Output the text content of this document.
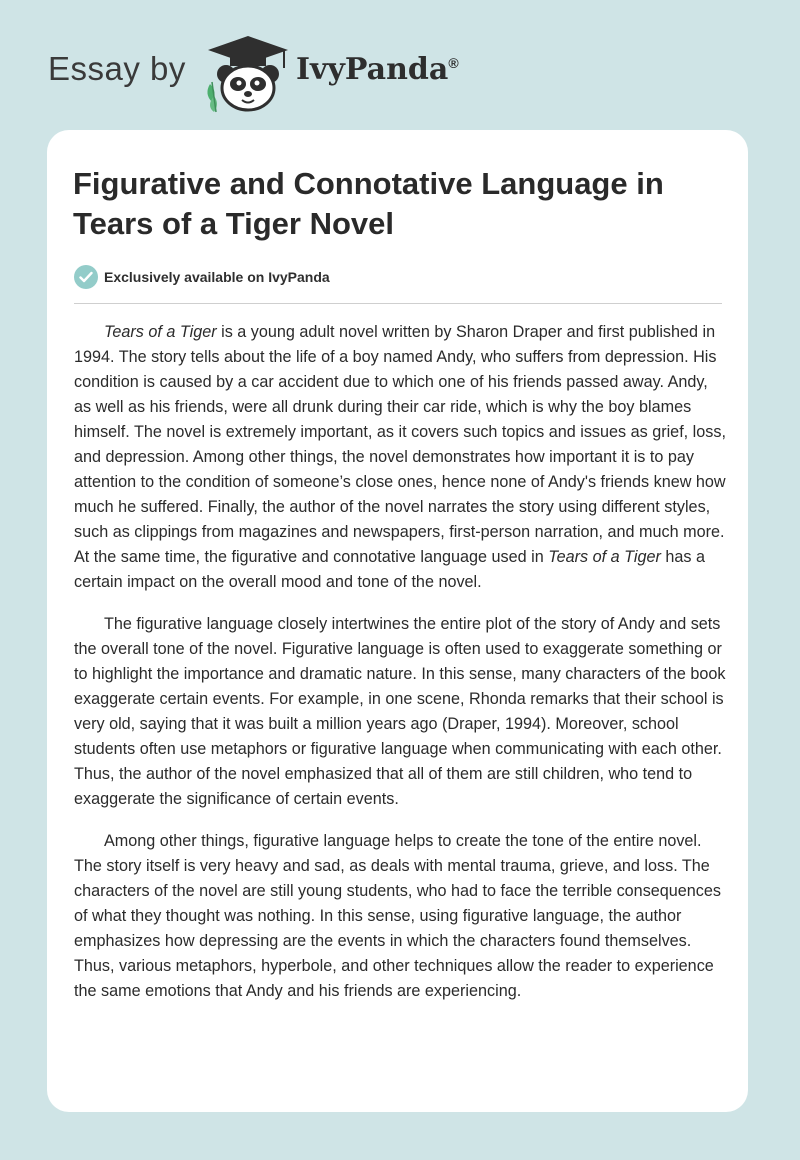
Essay by	IvyPanda®
Figurative and Connotative Language in Tears of a Tiger Novel
Exclusively available on IvyPanda

Tears of a Tiger is a young adult novel written by Sharon Draper and first published in 1994. The story tells about the life of a boy named Andy, who suffers from depression. His condition is caused by a car accident due to which one of his friends passed away. Andy, as well as his friends, were all drunk during their car ride, which is why the boy blames himself. The novel is extremely important, as it covers such topics and issues as grief, loss, and depression. Among other things, the novel demonstrates how important it is to pay attention to the condition of someone’s close ones, hence none of Andy's friends knew how much he suffered. Finally, the author of the novel narrates the story using different styles, such as clippings from magazines and newspapers, first-person narration, and much more. At the same time, the figurative and connotative language used in Tears of a Tiger has a certain impact on the overall mood and tone of the novel.

The figurative language closely intertwines the entire plot of the story of Andy and sets the overall tone of the novel. Figurative language is often used to exaggerate something or to highlight the importance and dramatic nature. In this sense, many characters of the book exaggerate certain events. For example, in one scene, Rhonda remarks that their school is very old, saying that it was built a million years ago (Draper, 1994). Moreover, school students often use metaphors or figurative language when communicating with each other. Thus, the author of the novel emphasized that all of them are still children, who tend to exaggerate the significance of certain events.

Among other things, figurative language helps to create the tone of the entire novel. The story itself is very heavy and sad, as deals with mental trauma, grieve, and loss. The characters of the novel are still young students, who had to face the terrible consequences of what they thought was nothing. In this sense, using figurative language, the author emphasizes how depressing are the events in which the characters found themselves. Thus, various metaphors, hyperbole, and other techniques allow the reader to experience the same emotions that Andy and his friends are experiencing.
